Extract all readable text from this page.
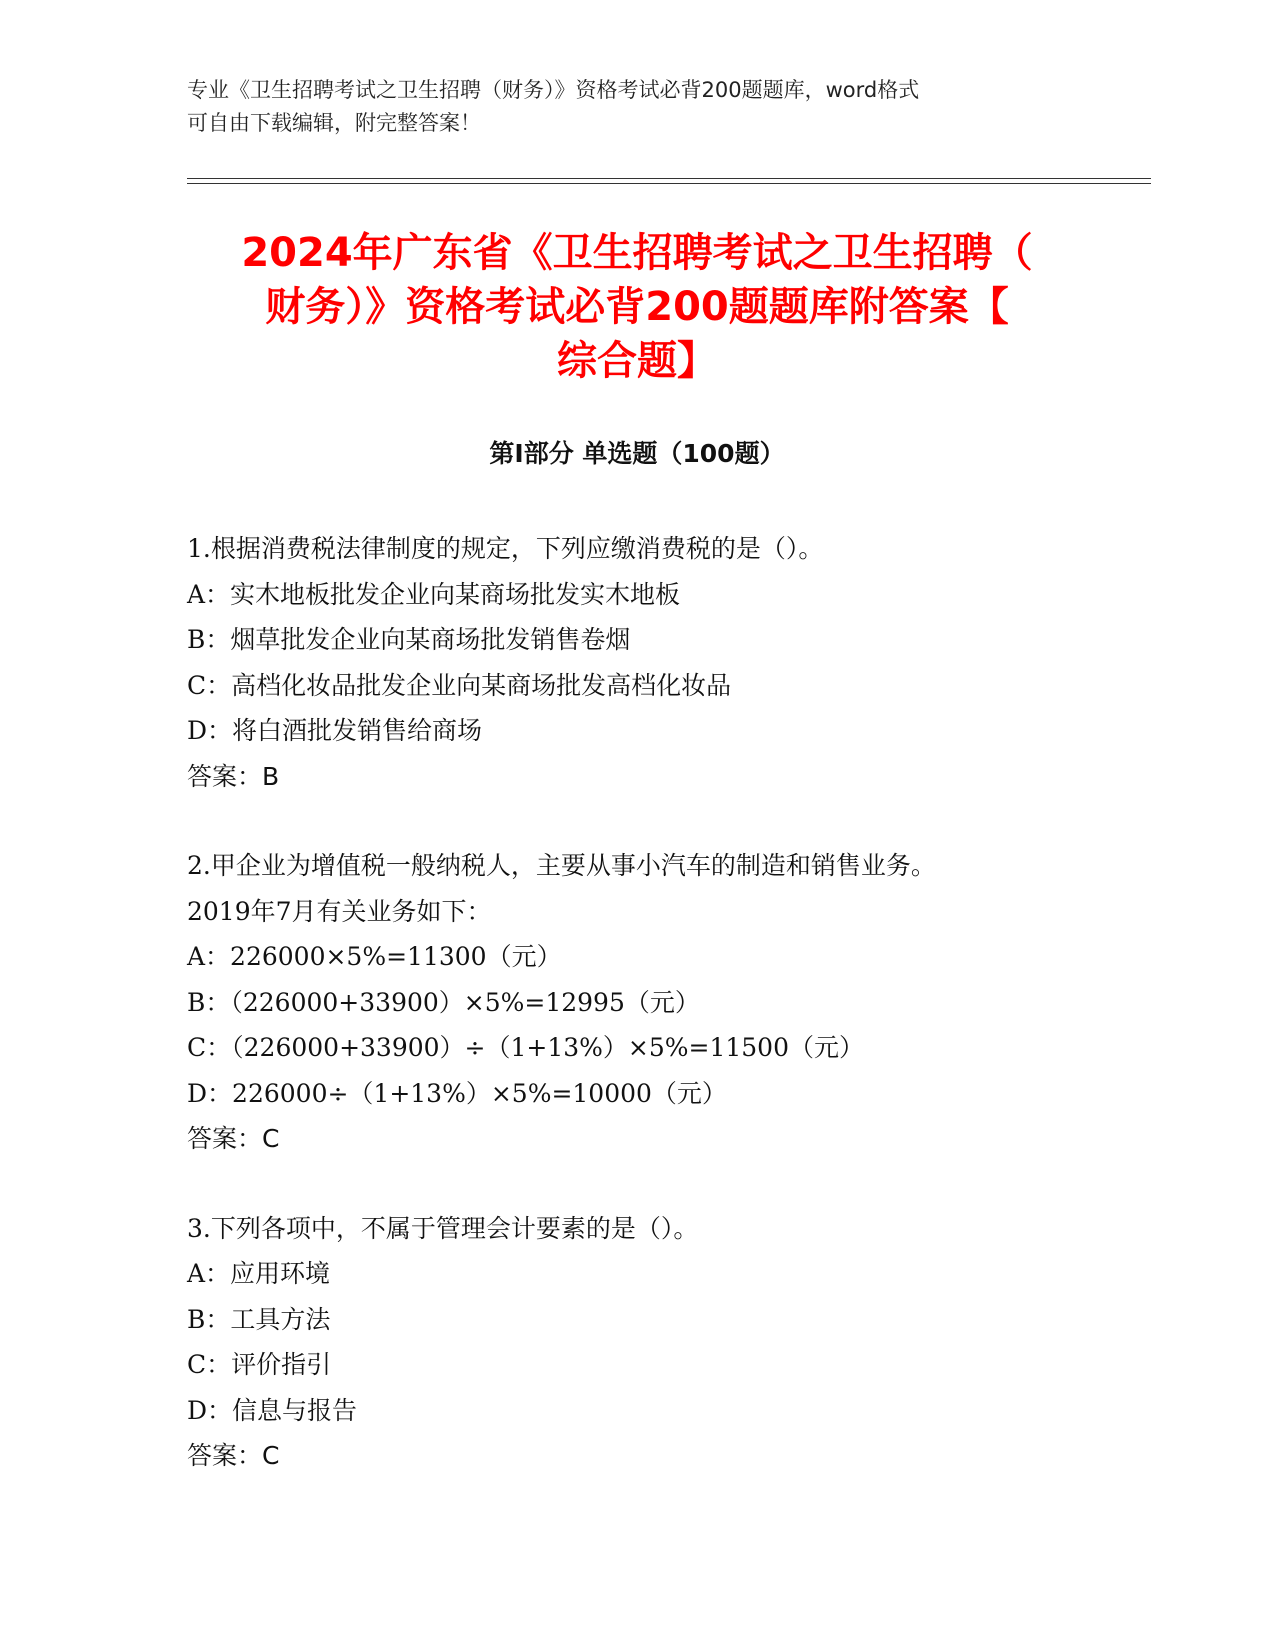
专业《卫生招聘考试之卫生招聘（财务）》资格考试必背200题题库，word格式
可自由下载编辑，附完整答案！
2024年广东省《卫生招聘考试之卫生招聘（
财务）》资格考试必背200题题库附答案【
综合题】
第I部分 单选题（100题）
1.根据消费税法律制度的规定，下列应缴消费税的是（）。
A：实木地板批发企业向某商场批发实木地板
B：烟草批发企业向某商场批发销售卷烟
C：高档化妆品批发企业向某商场批发高档化妆品
D：将白酒批发销售给商场
答案：B
2.甲企业为增值税一般纳税人，主要从事小汽车的制造和销售业务。
2019年7月有关业务如下：
A：226000×5%=11300（元）
B：（226000+33900）×5%=12995（元）
C：（226000+33900）÷（1+13%）×5%=11500（元）
D：226000÷（1+13%）×5%=10000（元）
答案：C
3.下列各项中，不属于管理会计要素的是（）。
A：应用环境
B：工具方法
C：评价指引
D：信息与报告
答案：C
